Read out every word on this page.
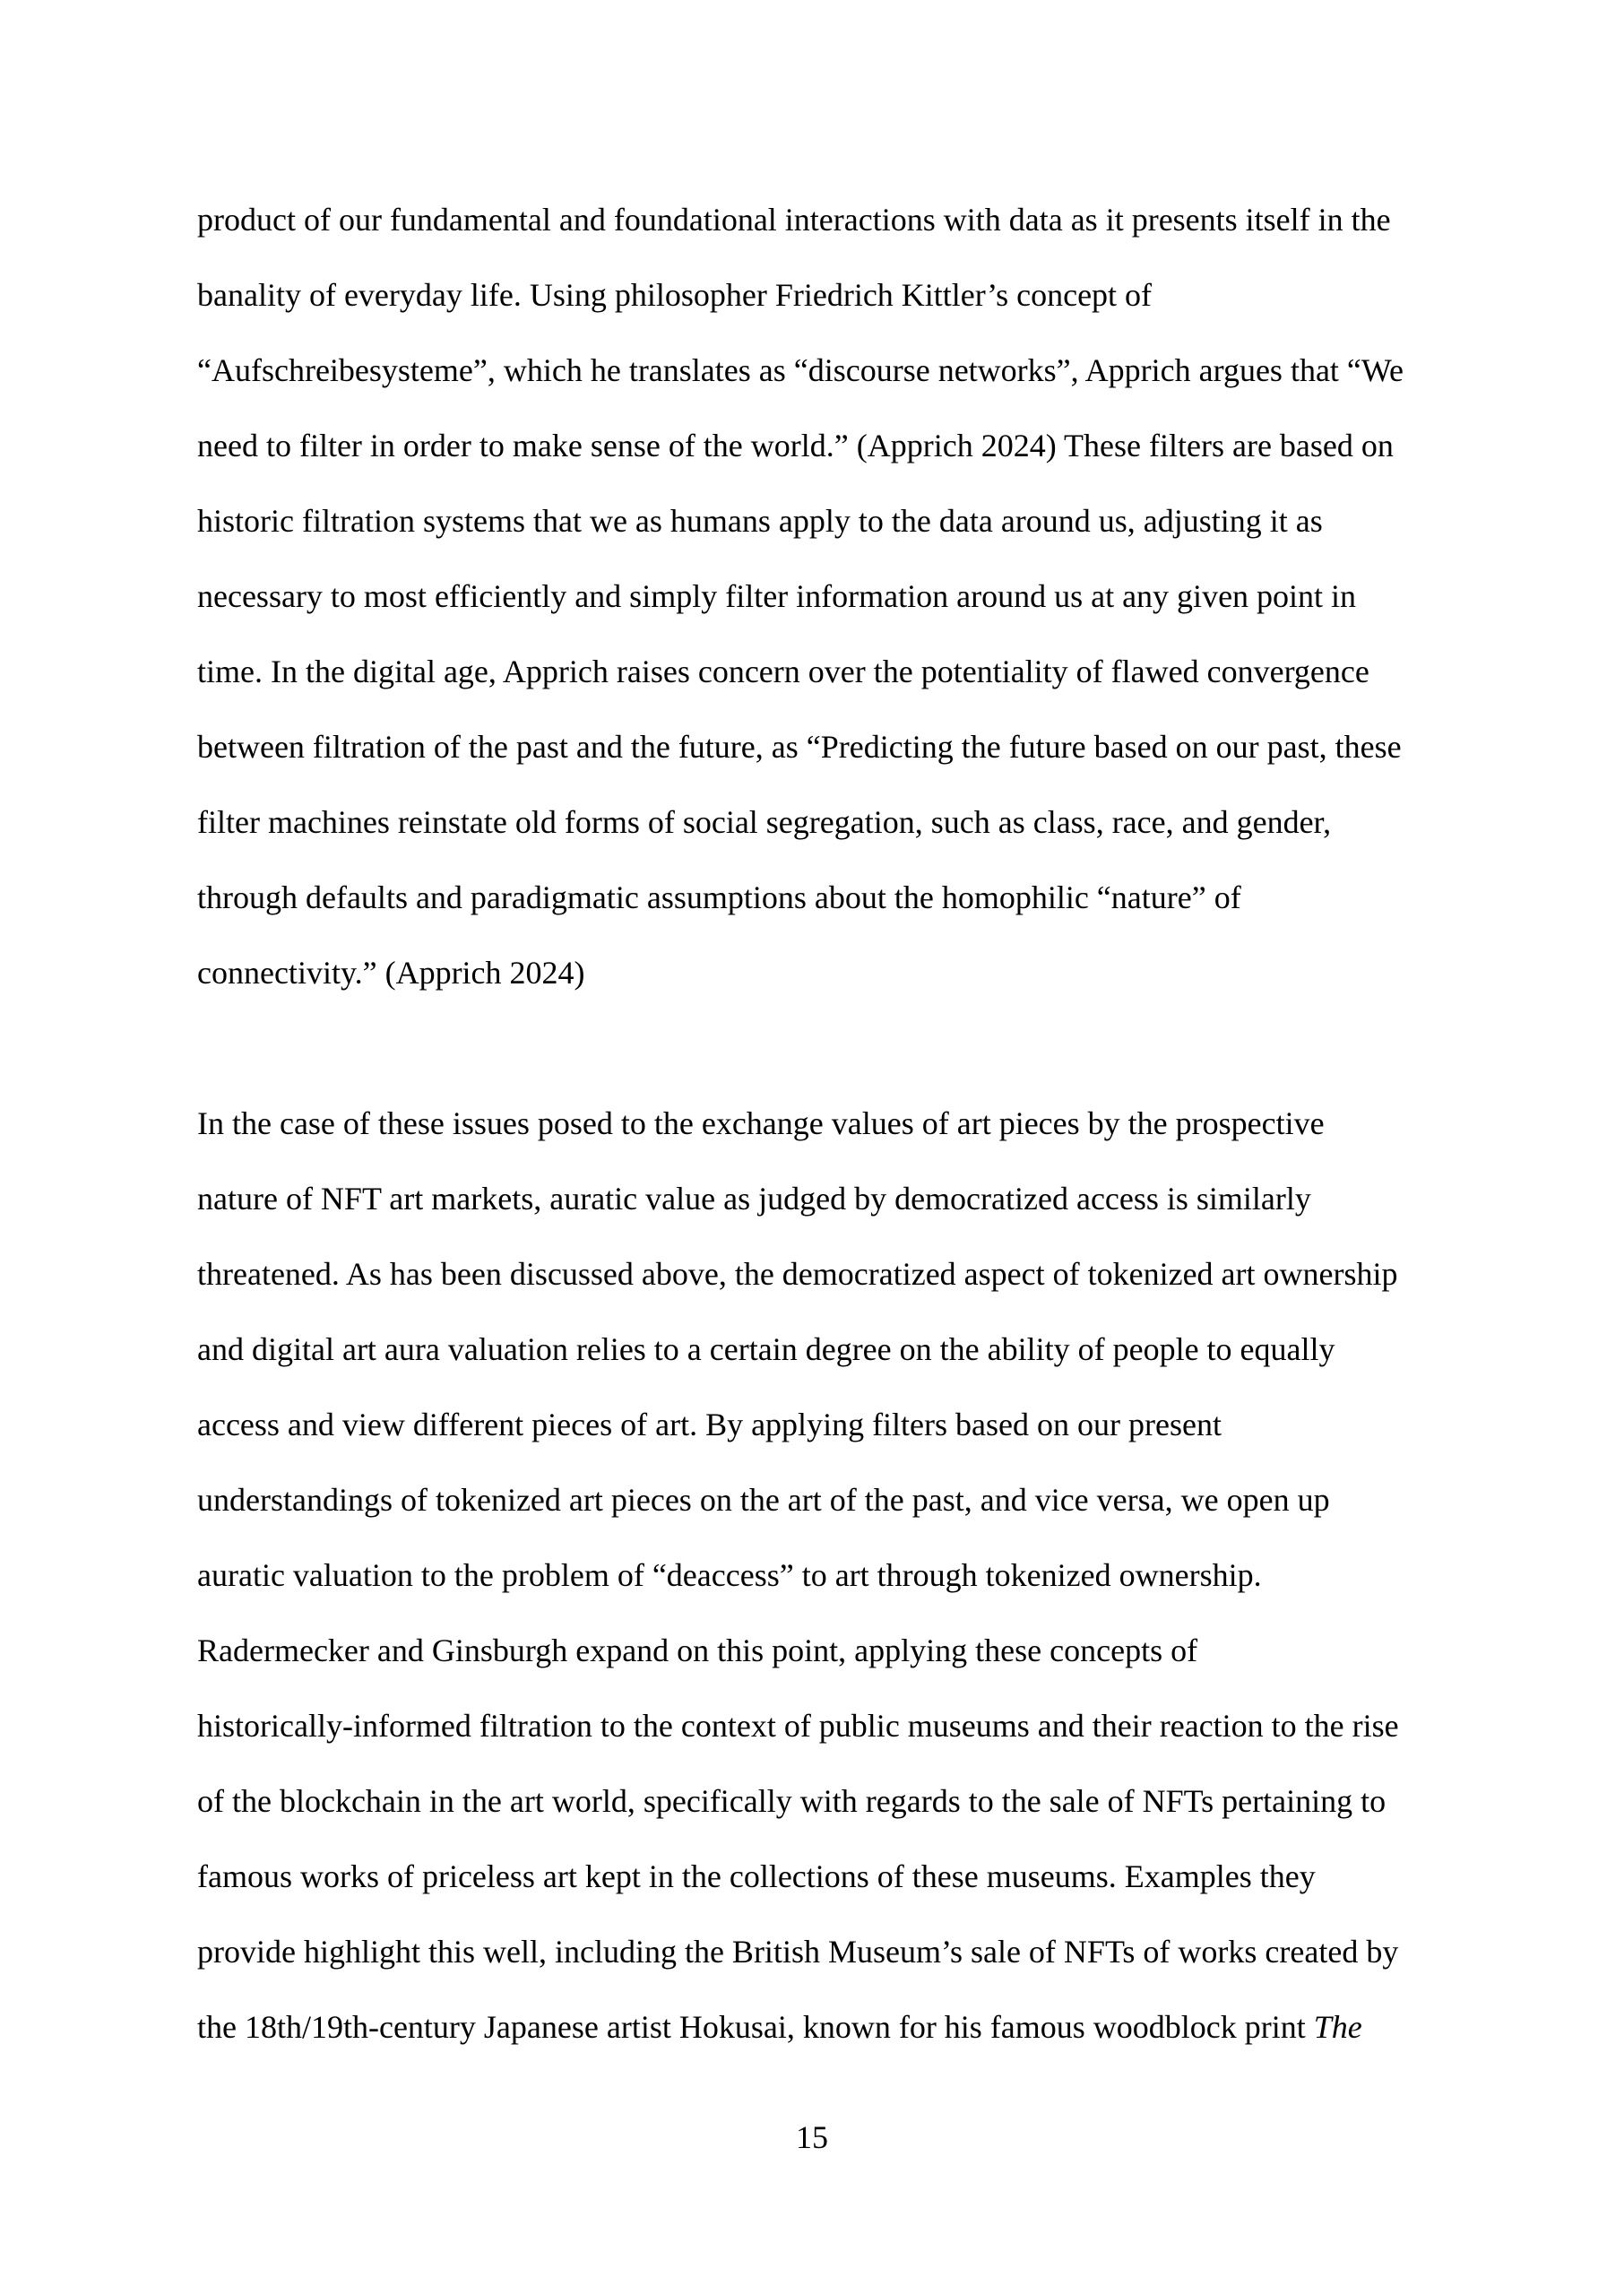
product of our fundamental and foundational interactions with data as it presents itself in the
banality of everyday life. Using philosopher Friedrich Kittler’s concept of
“Aufschreibesysteme”, which he translates as “discourse networks”, Apprich argues that “We
need to filter in order to make sense of the world.” (Apprich 2024) These filters are based on
historic filtration systems that we as humans apply to the data around us, adjusting it as
necessary to most efficiently and simply filter information around us at any given point in
time. In the digital age, Apprich raises concern over the potentiality of flawed convergence
between filtration of the past and the future, as “Predicting the future based on our past, these
filter machines reinstate old forms of social segregation, such as class, race, and gender,
through defaults and paradigmatic assumptions about the homophilic “nature” of
connectivity.” (Apprich 2024)
In the case of these issues posed to the exchange values of art pieces by the prospective
nature of NFT art markets, auratic value as judged by democratized access is similarly
threatened. As has been discussed above, the democratized aspect of tokenized art ownership
and digital art aura valuation relies to a certain degree on the ability of people to equally
access and view different pieces of art. By applying filters based on our present
understandings of tokenized art pieces on the art of the past, and vice versa, we open up
auratic valuation to the problem of “deaccess” to art through tokenized ownership.
Radermecker and Ginsburgh expand on this point, applying these concepts of
historically-informed filtration to the context of public museums and their reaction to the rise
of the blockchain in the art world, specifically with regards to the sale of NFTs pertaining to
famous works of priceless art kept in the collections of these museums. Examples they
provide highlight this well, including the British Museum’s sale of NFTs of works created by
the 18th/19th-century Japanese artist Hokusai, known for his famous woodblock print The
15
